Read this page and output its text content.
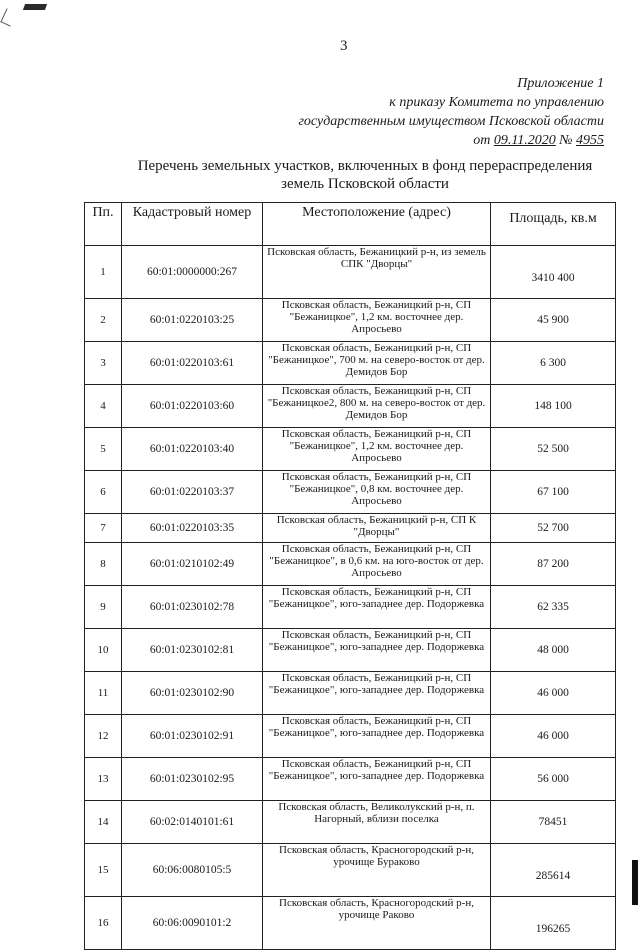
3
Приложение 1
к приказу Комитета по управлению
государственным имуществом Псковской области
от 09.11.2020 № 4955
Перечень земельных участков, включенных в фонд перераспределения
земель Псковской области
Пп.	Кадастровый номер	Местоположение (адрес)	Площадь, кв.м
1	60:01:0000000:267	Псковская область, Бежаницкий р-н, из земель СПК "Дворцы"	3410 400
2	60:01:0220103:25	Псковская область, Бежаницкий р-н, СП "Бежаницкое", 1,2 км. восточнее дер. Апросьево	45 900
3	60:01:0220103:61	Псковская область, Бежаницкий р-н, СП "Бежаницкое", 700 м. на северо-восток от дер. Демидов Бор	6 300
4	60:01:0220103:60	Псковская область, Бежаницкий р-н, СП "Бежаницкое2, 800 м. на северо-восток от дер. Демидов Бор	148 100
5	60:01:0220103:40	Псковская область, Бежаницкий р-н, СП "Бежаницкое", 1,2 км. восточнее дер. Апросьево	52 500
6	60:01:0220103:37	Псковская область, Бежаницкий р-н, СП "Бежаницкое", 0,8 км. восточнее дер. Апросьево	67 100
7	60:01:0220103:35	Псковская область, Бежаницкий р-н, СП К "Дворцы"	52 700
8	60:01:0210102:49	Псковская область, Бежаницкий р-н, СП "Бежаницкое", в 0,6 км. на юго-восток от дер. Апросьево	87 200
9	60:01:0230102:78	Псковская область, Бежаницкий р-н, СП "Бежаницкое", юго-западнее дер. Подоржевка	62 335
10	60:01:0230102:81	Псковская область, Бежаницкий р-н, СП "Бежаницкое", юго-западнее дер. Подоржевка	48 000
11	60:01:0230102:90	Псковская область, Бежаницкий р-н, СП "Бежаницкое", юго-западнее дер. Подоржевка	46 000
12	60:01:0230102:91	Псковская область, Бежаницкий р-н, СП "Бежаницкое", юго-западнее дер. Подоржевка	46 000
13	60:01:0230102:95	Псковская область, Бежаницкий р-н, СП "Бежаницкое", юго-западнее дер. Подоржевка	56 000
14	60:02:0140101:61	Псковская область, Великолукский р-н, п. Нагорный, вблизи поселка	78451
15	60:06:0080105:5	Псковская область, Красногородский р-н, урочище Бураково	285614
16	60:06:0090101:2	Псковская область, Красногородский р-н, урочище Раково	196265
